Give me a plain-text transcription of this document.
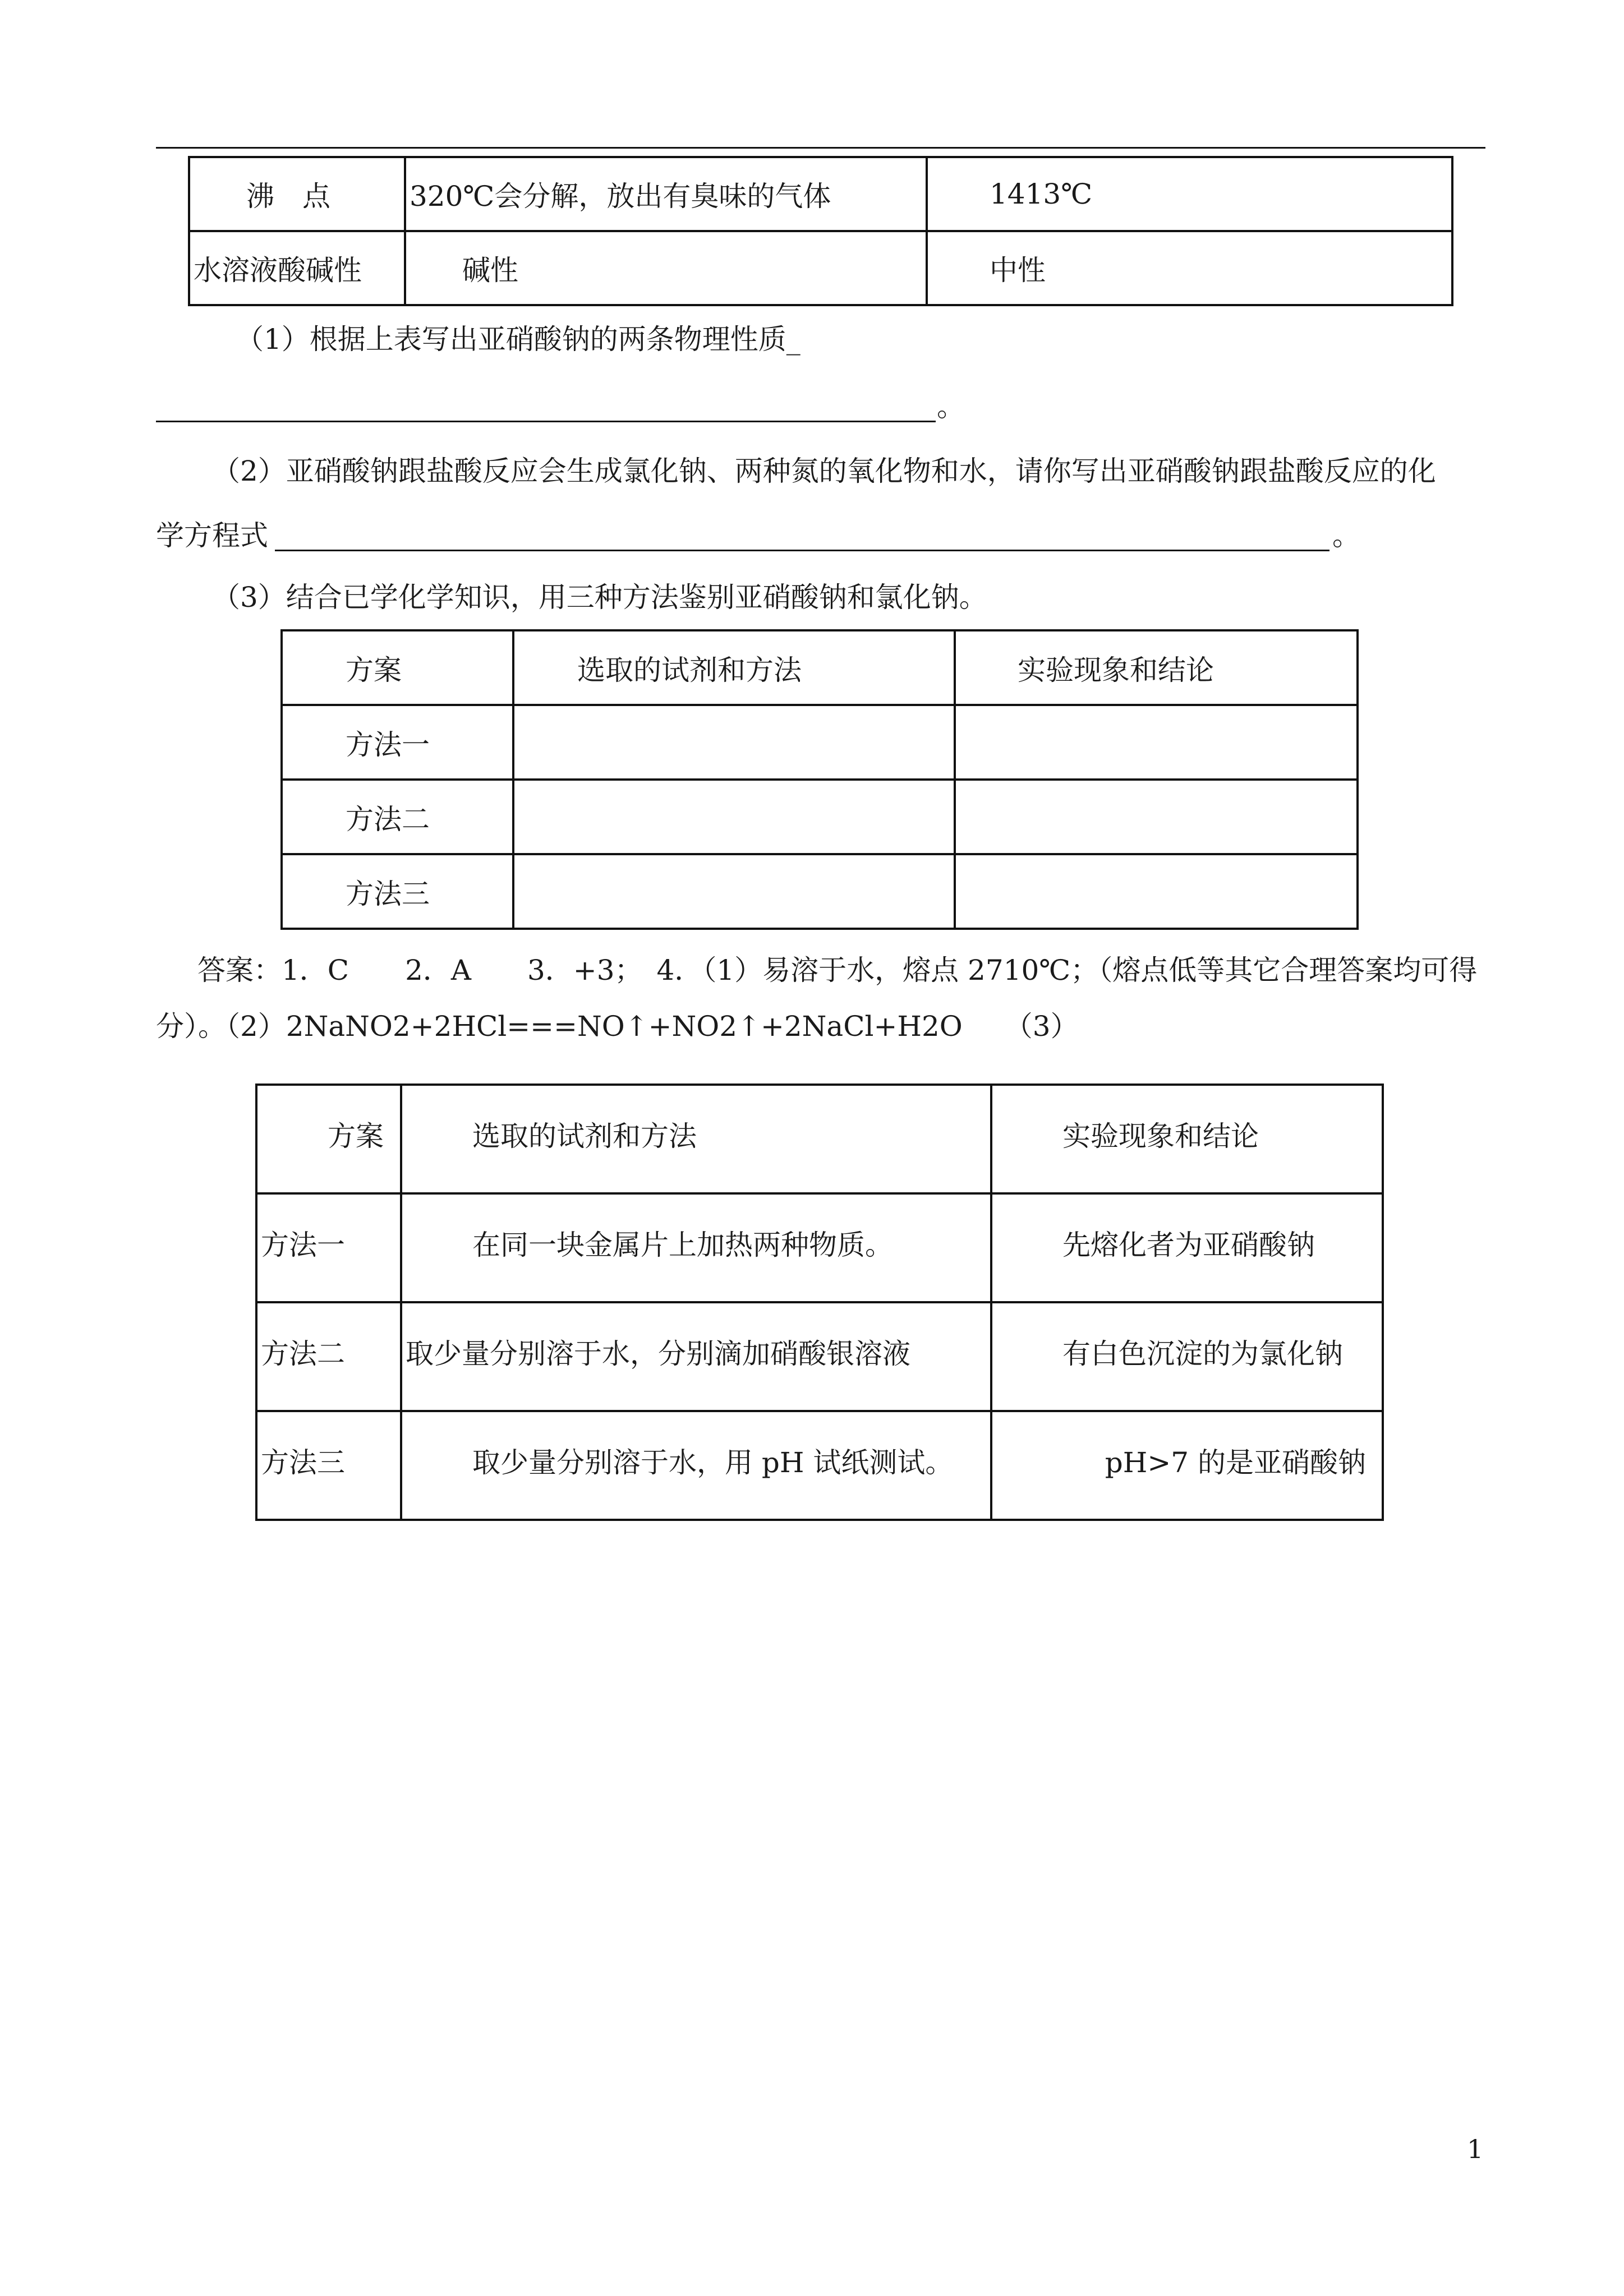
沸　点	320℃会分解，放出有臭味的气体	1413℃
水溶液酸碱性	碱性	中性
（1）根据上表写出亚硝酸钠的两条物理性质_
。
（2）亚硝酸钠跟盐酸反应会生成氯化钠、两种氮的氧化物和水，请你写出亚硝酸钠跟盐酸反应的化
学方程式	。
（3）结合已学化学知识，用三种方法鉴别亚硝酸钠和氯化钠。
方案	选取的试剂和方法	实验现象和结论
方法一		
方法二		
方法三		
答案：1．C　　2．A　　3．+3；　4．（1）易溶于水，熔点 2710℃；（熔点低等其它合理答案均可得
分）。（2）2NaNO2+2HCl===NO↑+NO2↑+2NaCl+H2O　　（3）
方案	选取的试剂和方法	实验现象和结论
方法一	在同一块金属片上加热两种物质。	先熔化者为亚硝酸钠
方法二	取少量分别溶于水，分别滴加硝酸银溶液	有白色沉淀的为氯化钠
方法三	取少量分别溶于水，用 pH 试纸测试。	pH>7 的是亚硝酸钠
1
